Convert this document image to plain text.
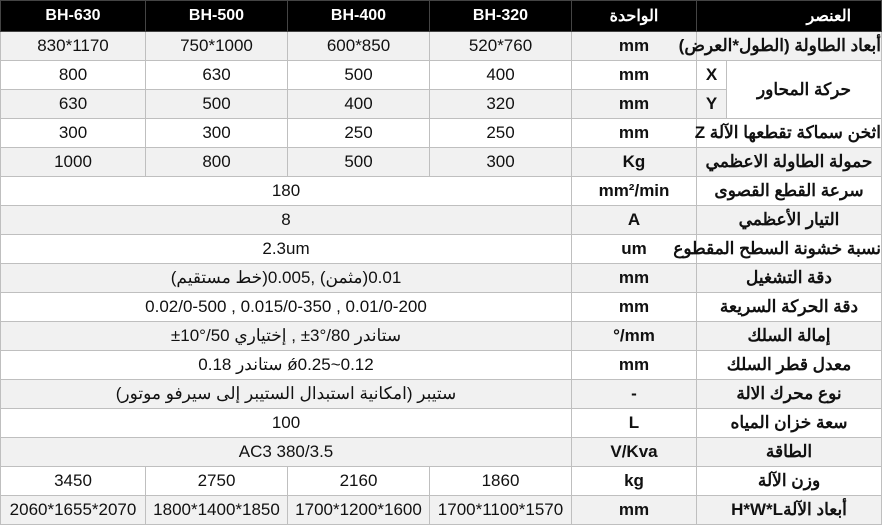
BH-630	BH-500	BH-400	BH-320	الواحدة	العنصر	
830*1170	750*1000	600*850	520*760	mm	أبعاد الطاولة (الطول*العرض)	
800	630	500	400	mm	X	حركة المحاور
630	500	400	320	mm	Y	
300	300	250	250	mm	اثخن سماكة تقطعها الآلة Z	
1000	800	500	300	Kg	حمولة الطاولة الاعظمي	
180				mm²/min	سرعة القطع القصوى	
8				A	التيار الأعظمي	
2.3um				um	نسبة خشونة السطح المقطوع	
0.01(مثمن) ,0.005(خط مستقيم)				mm	دقة التشغيل	
0.02/0-500 , 0.015/0-350 , 0.01/0-200				mm	دقة الحركة السريعة	
ستاندر 80/°3± , إختياري 50/°10±				°/mm	إمالة السلك	
ǿ0.25~0.12 ستاندر 0.18				mm	معدل قطر السلك	
ستيبر (امكانية استبدال الستيبر إلى سيرفو موتور)				-	نوع محرك الالة	
100				L	سعة خزان المياه	
AC3 380/3.5				V/Kva	الطاقة	
3450	2750	2160	1860	kg	وزن الآلة	
2060*1655*2070	1800*1400*1850	1700*1200*1600	1700*1100*1570	mm	أبعاد الآلةH*W*L	
